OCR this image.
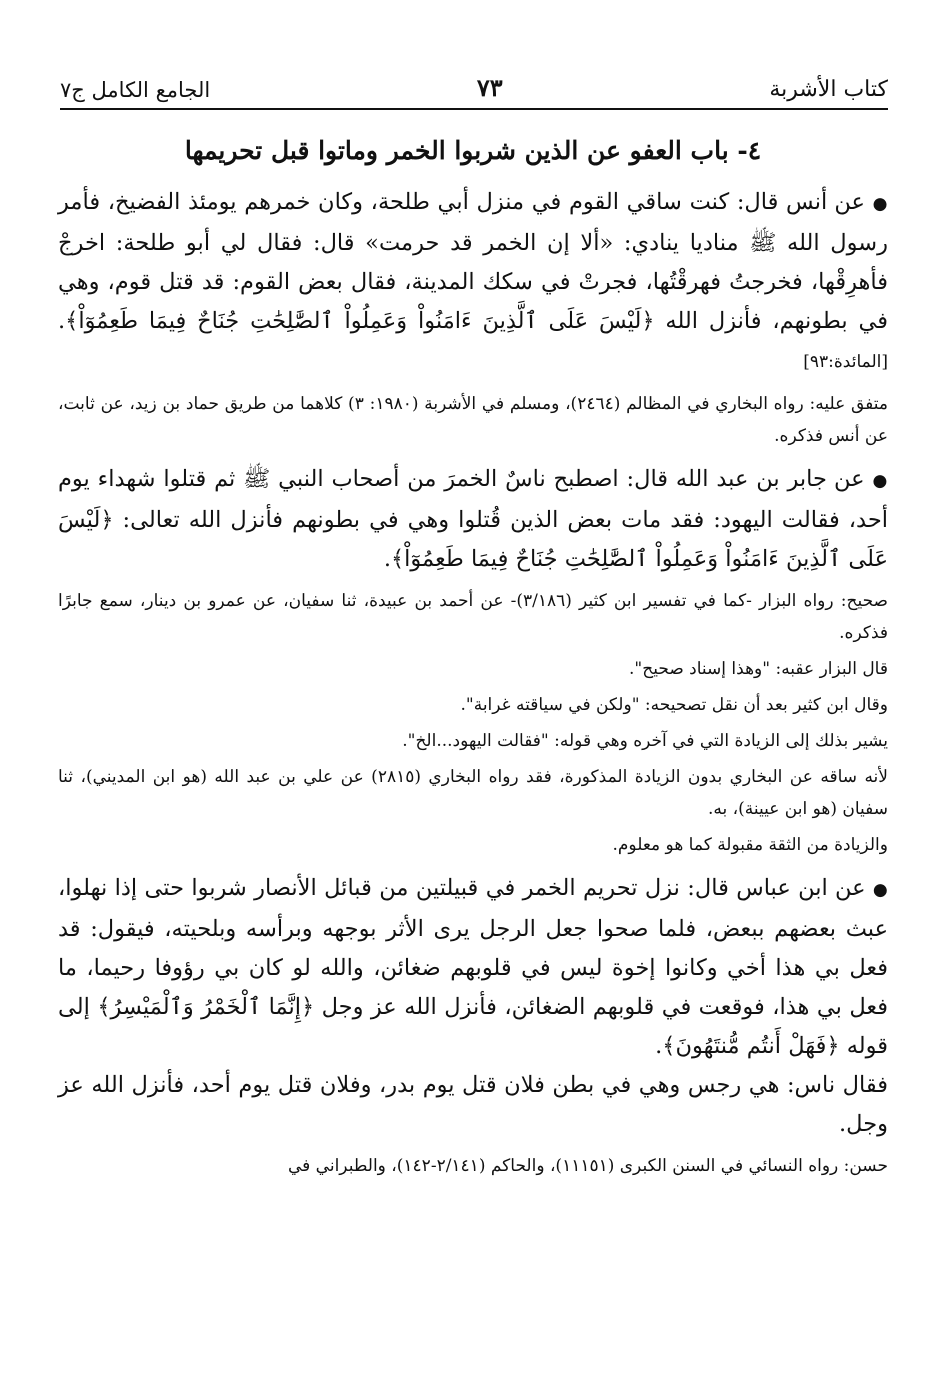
الجامع الكامل ج٧	٧٣	كتاب الأشربة
٤- باب العفو عن الذين شربوا الخمر وماتوا قبل تحريمها

● عن أنس قال: كنت ساقي القوم في منزل أبي طلحة، وكان خمرهم يومئذ الفضيخ، فأمر رسول الله ﷺ مناديا ينادي: «ألا إن الخمر قد حرمت» قال: فقال لي أبو طلحة: اخرجْ فأهرِقْها، فخرجتُ فهرقْتُها، فجرتْ في سكك المدينة، فقال بعض القوم: قد قتل قوم، وهي في بطونهم، فأنزل الله ﴿لَيْسَ عَلَى ٱلَّذِينَ ءَامَنُواْ وَعَمِلُواْ ٱلصَّٰلِحَٰتِ جُنَاحٌ فِيمَا طَعِمُوٓاْ﴾. [المائدة:٩٣]

متفق عليه: رواه البخاري في المظالم (٢٤٦٤)، ومسلم في الأشربة (١٩٨٠: ٣) كلاهما من طريق حماد بن زيد، عن ثابت، عن أنس فذكره.

● عن جابر بن عبد الله قال: اصطبح ناسٌ الخمرَ من أصحاب النبي ﷺ ثم قتلوا شهداء يوم أحد، فقالت اليهود: فقد مات بعض الذين قُتلوا وهي في بطونهم فأنزل الله تعالى: ﴿لَيْسَ عَلَى ٱلَّذِينَ ءَامَنُواْ وَعَمِلُواْ ٱلصَّٰلِحَٰتِ جُنَاحٌ فِيمَا طَعِمُوٓاْ﴾.

صحيح: رواه البزار -كما في تفسير ابن كثير (٣/١٨٦)- عن أحمد بن عبيدة، ثنا سفيان، عن عمرو بن دينار، سمع جابرًا فذكره.

قال البزار عقبه: "وهذا إسناد صحيح".

وقال ابن كثير بعد أن نقل تصحيحه: "ولكن في سياقته غرابة".

يشير بذلك إلى الزيادة التي في آخره وهي قوله: "فقالت اليهود...الخ".

لأنه ساقه عن البخاري بدون الزيادة المذكورة، فقد رواه البخاري (٢٨١٥) عن علي بن عبد الله (هو ابن المديني)، ثنا سفيان (هو ابن عيينة)، به.

والزيادة من الثقة مقبولة كما هو معلوم.

● عن ابن عباس قال: نزل تحريم الخمر في قبيلتين من قبائل الأنصار شربوا حتى إذا نهلوا، عبث بعضهم ببعض، فلما صحوا جعل الرجل يرى الأثر بوجهه وبرأسه وبلحيته، فيقول: قد فعل بي هذا أخي وكانوا إخوة ليس في قلوبهم ضغائن، والله لو كان بي رؤوفا رحيما، ما فعل بي هذا، فوقعت في قلوبهم الضغائن، فأنزل الله عز وجل ﴿إِنَّمَا ٱلْخَمْرُ وَٱلْمَيْسِرُ﴾ إلى قوله ﴿فَهَلْ أَنتُم مُّنتَهُونَ﴾.

فقال ناس: هي رجس وهي في بطن فلان قتل يوم بدر، وفلان قتل يوم أحد، فأنزل الله عز وجل.

حسن: رواه النسائي في السنن الكبرى (١١١٥١)، والحاكم (٢/١٤١-١٤٢)، والطبراني في
